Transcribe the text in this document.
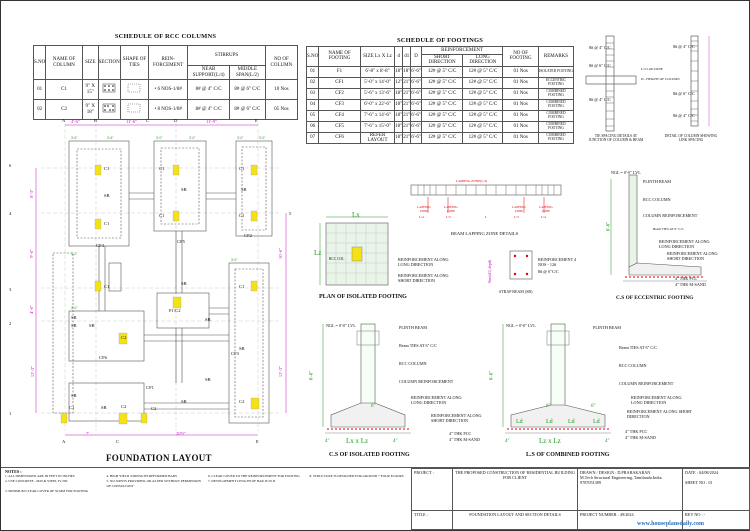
SCHEDULE OF RCC COLUMNS
S.NO	NAME OF COLUMN	SIZE	SECTION	SHAPE OF TIES	REIN-FORCEMENT	STIRRUPS		NO OF COLUMN
						NEAR SUPPORT(L/4)	MIDDLE SPAN(L/2)	
01	C1	9" X 15"			• 6 NOS-1/8#	8# @ 4" C/C	8# @ 6" C/C	10 Nos
02	C2	9" X 18"			• 8 NOS-1/8#	8# @ 4" C/C	8# @ 6" C/C	05 Nos
SCHEDULE OF FOOTINGS
S.NO	NAME OF FOOTING	SIZE Lx X Lz	d	d1	D	REINFORCEMENT		NO OF FOOTING	REMARKS
						SHORT DIRECTION	LONG DIRECTION		
01	F1	6'-8" x 8'-8"	18"	18"	6'-6"	12# @ 5" C/C	12# @ 5" C/C	01 Nos	ISOLATED FOOTING
02	CF1	5'-0" x 14'-0"	12"	21"	6'-6"	12# @ 5" C/C	12# @ 5" C/C	01 Nos	ECCENTRIC FOOTING
03	CF2	5'-6" x 13'-6"	18"	21"	6'-6"	12# @ 5" C/C	12# @ 5" C/C	01 Nos	COMBINED FOOTING
04	CF3	6'-0" x 22'-6"	18"	21"	6'-6"	12# @ 5" C/C	12# @ 5" C/C	01 Nos	COMBINED FOOTING
05	CF4	7'-6" x 14'-6"	18"	21"	6'-6"	12# @ 5" C/C	12# @ 5" C/C	01 Nos	COMBINED FOOTING
06	CF5	7'-6" x 15'-0"	18"	21"	6'-6"	12# @ 5" C/C	12# @ 5" C/C	01 Nos	COMBINED FOOTING
07	CF6	REFER LAYOUT	18"	21"	6'-6"	12# @ 5" C/C	12# @ 5" C/C	01 Nos	COMBINED FOOTING
8# @ 4" C/C
8# @ 6" C/C
8# @ 4" C/C
L/3 LAP ZONE
D - HEIGHT OF COLUMN
8# @ 4" C/C
8# @ 6" C/C
8# @ 4" C/C
TIE SPACING DETAILS AT JUNCTION OF COLUMN & BEAM
DETAIL OF COLUMN SHOWING LINK SPACING
3'-6"	3'-6"	3'-0"	3'-0"	3'-0"	3'-0"
3'-0"
3'-0"
3'-0"
A	B	C	D	E
4'-6"	11'-6"	11'-9"
6
5
4
3
2
1
8'-3"
9'-6"
4'-6"
12'-3"
10'-6"
12'-3"
A	C	E
7'	20'9"
C1
C1
C1
C1
C1
C1
C1
C2
C2
C2
C1
C1	C2
SB
SB	SB
SB
SB
SB
SB
SB
SB
SB
SB
CF4
CF5
CF2
F1/C2
CF6
CF3
CF1
SB
SB
FOUNDATION LAYOUT
Lx
Lz
RCC COL	REINFORCEMENT ALONG LONG DIRECTION
REINFORCEMENT ALONG SHORT DIRECTION
PLAN OF ISOLATED FOOTING
LAPPING ZONE(L/3)
LAPPING ZONE
LAPPING ZONE
LAPPING ZONE
LAPPING ZONE
L/4	L/3	L	L/3	L/4
BEAM LAPPING ZONE DETAILS
9inc(d1) depth
REINFORCEMENT 4 NOS - 12#
8# @ 6"C/C
STRAP BEAM (SB)
NGL = 0'-0" LVL
PLINTH BEAM
RCC COLUMN
COLUMN REINFORCEMENT
Beam TIES AT 6" C/C
REINFORCEMENT ALONG LONG DIRECTION
REINFORCEMENT ALONG SHORT DIRECTION
4" THK PCC
4" THK M-SAND
6'-6"
C.S OF ECCENTRIC FOOTING
NGL = 0'-0" LVL	PLINTH BEAM
Beam TIES AT 6" C/C
RCC COLUMN
COLUMN REINFORCEMENT
REINFORCEMENT ALONG LONG DIRECTION
REINFORCEMENT ALONG SHORT DIRECTION
4" THK PCC
4" THK M-SAND
6'-6"
6"
4"	4"
Lx x Lz
C.S OF ISOLATED FOOTING
NGL = 0'-0" LVL	PLINTH BEAM
Beam TIES AT 6" C/C
RCC COLUMN
COLUMN REINFORCEMENT
REINFORCEMENT ALONG LONG DIRECTION
REINFORCEMENT ALONG SHORT DIRECTION
4" THK PCC
4" THK M-SAND
6'-6"
6"	6"
Ld	Ld	Ld	Ld
4"	4"
Lz x Lz
L.S OF COMBINED FOOTING
NOTES :
1. ALL DIMENSIONS ARE IN FEET IN INCHES	4. HIGH YIELD STRENGTH DEFORMED BARS	6. CLEAR COVER TO THE REINFORCEMENT FOR FOOTING	8. STRUCTURE IS DESIGNED FOR GROUND + FOUR FLOORS
2. USE CONCRETE - M20 & STEEL Fe 500	5. NO JOINTS PROVIDED, OR AS PER WITHOUT PERMISSION OF CONSULTANT
7. DEVELOPMENT LENGTH OF BAR IS 50 D
3. MINIMUM CLEAR COVER OF 50 MM FOR FOOTING
PROJECT :	THE PROPOSED CONSTRUCTION OF RESIDENTIAL BUILDING FOR CLIENT	DRAWN / DESIGN : D.PRABAKARAN
M.Tech Structural Engineering, Tamilnadu.India. 9787051389	DATE : 04/08/2024

SHEET NO : 01
TITLE :	FOUNDATION LAYOUT AND SECTION DETAILS	PROJECT NUMBER : 49/2024	REV NO : -
www.houseplansdaily.com
